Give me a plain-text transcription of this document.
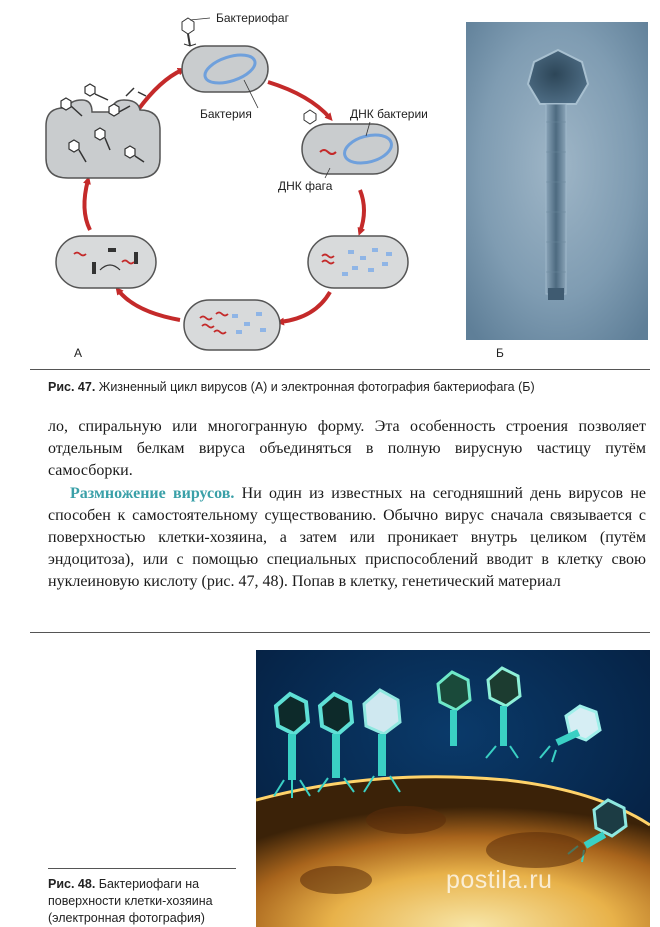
Бактериофаг
Бактерия	ДНК бактерии
ДНК фага
А	Б
Рис. 47. Жизненный цикл вирусов (А) и электронная фотография бактериофага (Б)

ло, спиральную или многогранную форму. Эта особенность строения позволяет отдельным белкам вируса объединяться в полную вирусную частицу путём самосборки.

Размножение вирусов. Ни один из известных на сегодняшний день вирусов не способен к самостоятельному существованию. Обычно вирус сначала связывается с поверхностью клетки-хозяина, а затем или проникает внутрь целиком (путём эндоцитоза), или с помощью специальных приспособлений вводит в клетку свою нуклеиновую кислоту (рис. 47, 48). Попав в клетку, генетический материал

Рис. 48. Бактериофаги на поверхности клетки-хозяина (электронная фотография)
postila.ru
